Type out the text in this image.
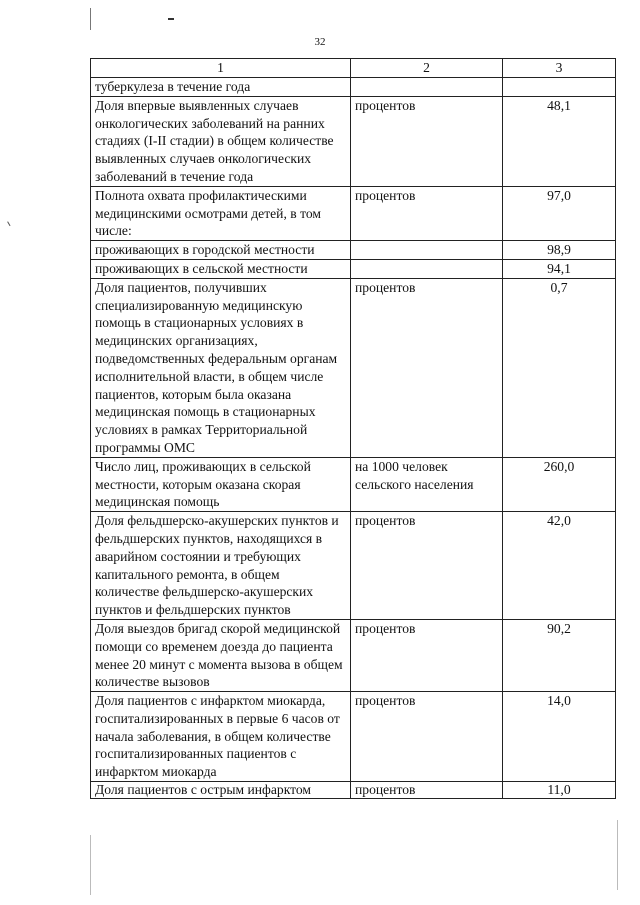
32
1	2	3
туберкулеза в течение года		
Доля впервые выявленных случаев онкологических заболеваний на ранних стадиях (I-II стадии) в общем количестве выявленных случаев онкологических заболеваний в течение года	процентов	48,1
Полнота охвата профилактическими медицинскими осмотрами детей, в том числе:	процентов	97,0
проживающих в городской местности		98,9
проживающих в сельской местности		94,1
Доля пациентов, получивших специализированную медицинскую помощь в стационарных условиях в медицинских организациях, подведомственных федеральным органам исполнительной власти, в общем числе пациентов, которым была оказана медицинская помощь в стационарных условиях в рамках Территориальной программы ОМС	процентов	0,7
Число лиц, проживающих в сельской местности, которым оказана скорая медицинская помощь	на 1000 человек сельского населения	260,0
Доля фельдшерско-акушерских пунктов и фельдшерских пунктов, находящихся в аварийном состоянии и требующих капитального ремонта, в общем количестве фельдшерско-акушерских пунктов и фельдшерских пунктов	процентов	42,0
Доля выездов бригад скорой медицинской помощи со временем доезда до пациента менее 20 минут с момента вызова в общем количестве вызовов	процентов	90,2
Доля пациентов с инфарктом миокарда, госпитализированных в первые 6 часов от начала заболевания, в общем количестве госпитализированных пациентов с инфарктом миокарда	процентов	14,0
Доля пациентов с острым инфарктом	процентов	11,0
